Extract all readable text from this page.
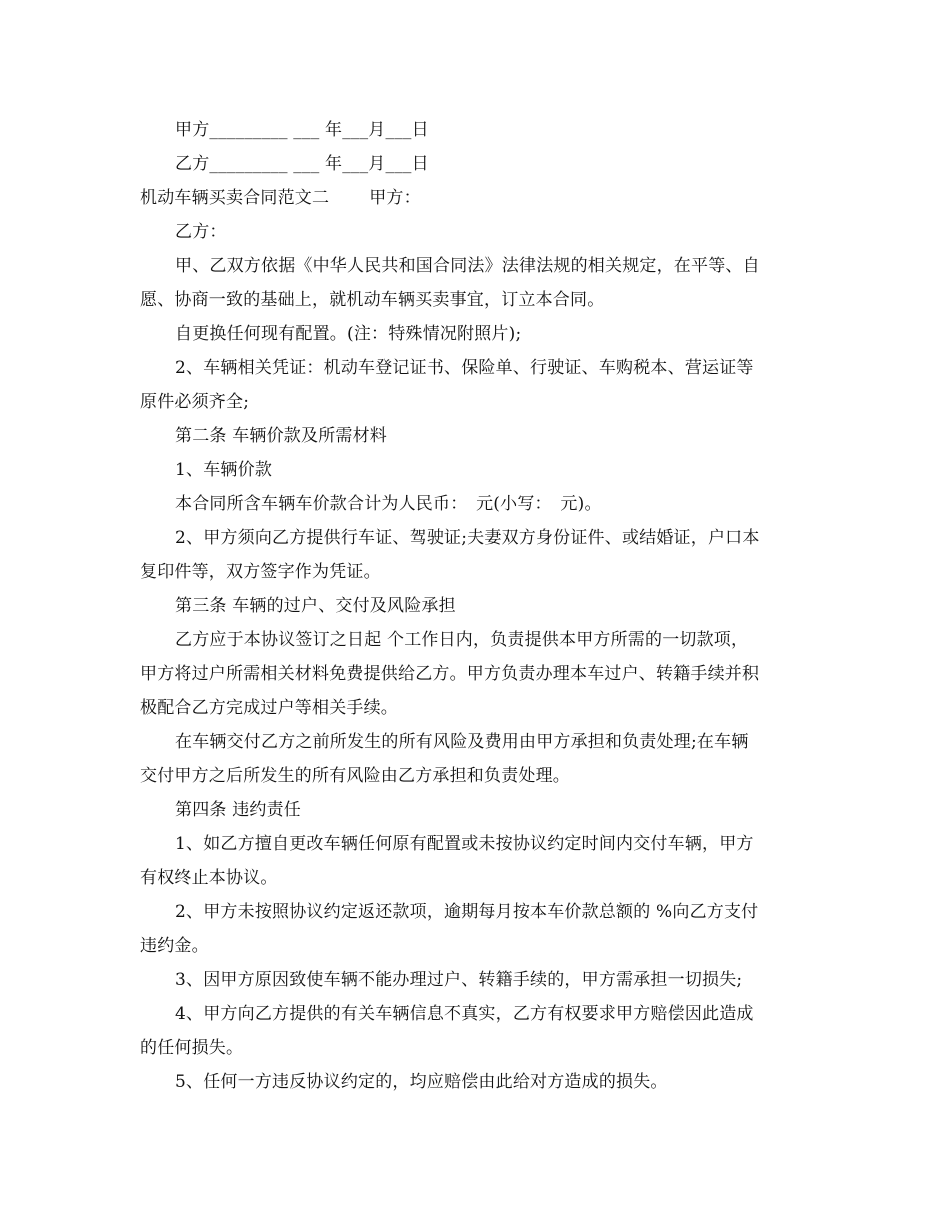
甲方_________ ___ 年___月___日

乙方_________ ___ 年___月___日

机动车辆买卖合同范文二 甲方：

乙方：

甲、乙双方依据《中华人民共和国合同法》法律法规的相关规定，在平等、自

愿、协商一致的基础上，就机动车辆买卖事宜，订立本合同。

自更换任何现有配置。(注：特殊情况附照片);

2、车辆相关凭证：机动车登记证书、保险单、行驶证、车购税本、营运证等

原件必须齐全;

第二条 车辆价款及所需材料

1、车辆价款

本合同所含车辆车价款合计为人民币：　元(小写：　元)。

2、甲方须向乙方提供行车证、驾驶证;夫妻双方身份证件、或结婚证，户口本

复印件等，双方签字作为凭证。

第三条 车辆的过户、交付及风险承担

乙方应于本协议签订之日起 个工作日内，负责提供本甲方所需的一切款项，

甲方将过户所需相关材料免费提供给乙方。甲方负责办理本车过户、转籍手续并积

极配合乙方完成过户等相关手续。

在车辆交付乙方之前所发生的所有风险及费用由甲方承担和负责处理;在车辆

交付甲方之后所发生的所有风险由乙方承担和负责处理。

第四条 违约责任

1、如乙方擅自更改车辆任何原有配置或未按协议约定时间内交付车辆，甲方

有权终止本协议。

2、甲方未按照协议约定返还款项，逾期每月按本车价款总额的 %向乙方支付

违约金。

3、因甲方原因致使车辆不能办理过户、转籍手续的，甲方需承担一切损失;

4、甲方向乙方提供的有关车辆信息不真实，乙方有权要求甲方赔偿因此造成

的任何损失。

5、任何一方违反协议约定的，均应赔偿由此给对方造成的损失。
